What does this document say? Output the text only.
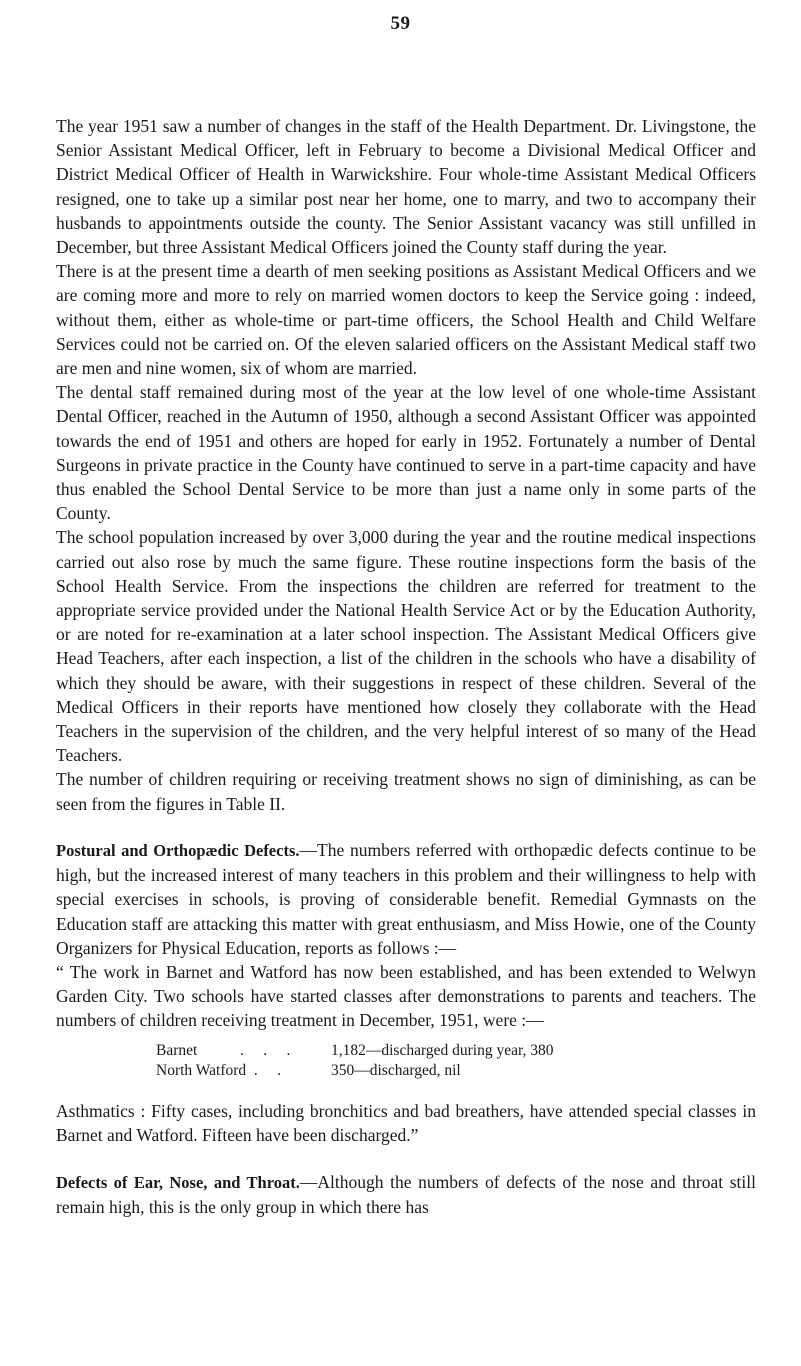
59

The year 1951 saw a number of changes in the staff of the Health Department. Dr. Livingstone, the Senior Assistant Medical Officer, left in February to become a Divisional Medical Officer and District Medical Officer of Health in Warwickshire. Four whole-time Assistant Medical Officers resigned, one to take up a similar post near her home, one to marry, and two to accompany their husbands to appointments outside the county. The Senior Assistant vacancy was still unfilled in December, but three Assistant Medical Officers joined the County staff during the year.

There is at the present time a dearth of men seeking positions as Assistant Medical Officers and we are coming more and more to rely on married women doctors to keep the Service going : indeed, without them, either as whole-time or part-time officers, the School Health and Child Welfare Services could not be carried on. Of the eleven salaried officers on the Assistant Medical staff two are men and nine women, six of whom are married.

The dental staff remained during most of the year at the low level of one whole-time Assistant Dental Officer, reached in the Autumn of 1950, although a second Assistant Officer was appointed towards the end of 1951 and others are hoped for early in 1952. Fortunately a number of Dental Surgeons in private practice in the County have continued to serve in a part-time capacity and have thus enabled the School Dental Service to be more than just a name only in some parts of the County.

The school population increased by over 3,000 during the year and the routine medical inspections carried out also rose by much the same figure. These routine inspections form the basis of the School Health Service. From the inspections the children are referred for treatment to the appropriate service provided under the National Health Service Act or by the Education Authority, or are noted for re-examination at a later school inspection. The Assistant Medical Officers give Head Teachers, after each inspection, a list of the children in the schools who have a disability of which they should be aware, with their suggestions in respect of these children. Several of the Medical Officers in their reports have mentioned how closely they collaborate with the Head Teachers in the supervision of the children, and the very helpful interest of so many of the Head Teachers.

The number of children requiring or receiving treatment shows no sign of diminishing, as can be seen from the figures in Table II.

Postural and Orthopædic Defects.—The numbers referred with orthopædic defects continue to be high, but the increased interest of many teachers in this problem and their willingness to help with special exercises in schools, is proving of considerable benefit. Remedial Gymnasts on the Education staff are attacking this matter with great enthusiasm, and Miss Howie, one of the County Organizers for Physical Education, reports as follows :—

“ The work in Barnet and Watford has now been established, and has been extended to Welwyn Garden City. Two schools have started classes after demonstrations to parents and teachers. The numbers of children receiving treatment in December, 1951, were :—

Barnet           .     .     .	1,182—discharged during year, 380
North Watford  .     .	350—discharged, nil

Asthmatics : Fifty cases, including bronchitics and bad breathers, have attended special classes in Barnet and Watford. Fifteen have been discharged.”

Defects of Ear, Nose, and Throat.—Although the numbers of defects of the nose and throat still remain high, this is the only group in which there has
